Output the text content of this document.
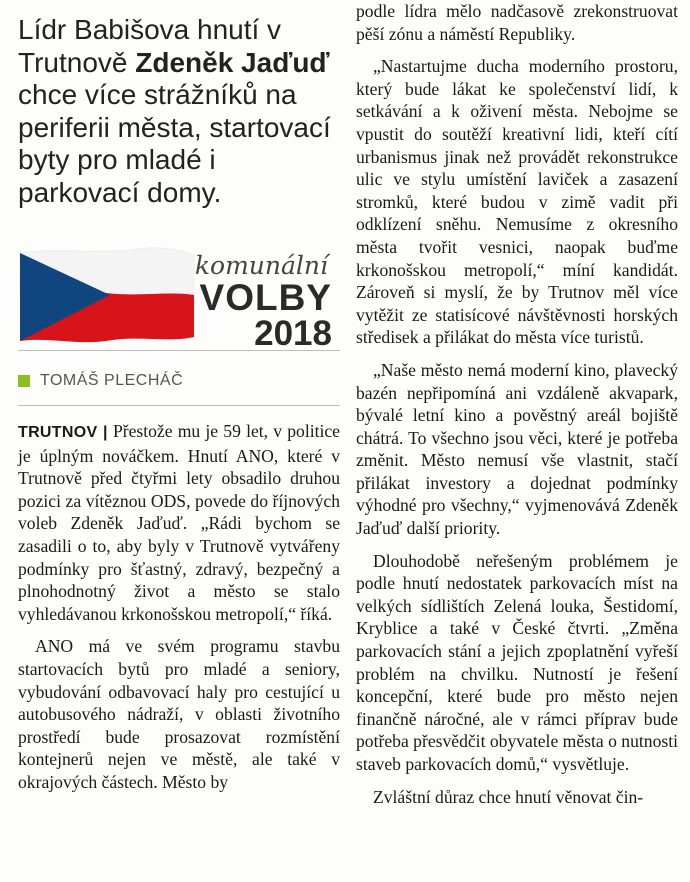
Lídr Babišova hnutí v Trutnově Zdeněk Jaďuď chce více strážníků na periferii města, startovací byty pro mladé i parkovací domy.
komunální
VOLBY
2018
TOMÁŠ PLECHÁČ

TRUTNOV | Přestože mu je 59 let, v politice je úplným nováčkem. Hnutí ANO, které v Trutnově před čtyřmi lety obsadilo druhou pozici za vítěznou ODS, povede do říjnových voleb Zdeněk Jaďuď. „Rádi bychom se zasadili o to, aby byly v Trutnově vytvářeny podmínky pro šťastný, zdravý, bezpečný a plnohodnotný život a město se stalo vyhledávanou krkonošskou metropolí,“ říká.

ANO má ve svém programu stavbu startovacích bytů pro mladé a seniory, vybudování odbavovací haly pro cestující u autobusového nádraží, v oblasti životního prostředí bude prosazovat rozmístění kontejnerů nejen ve městě, ale také v okrajových částech. Město by

podle lídra mělo nadčasově zrekonstruovat pěší zónu a náměstí Republiky.

„Nastartujme ducha moderního prostoru, který bude lákat ke společenství lidí, k setkávání a k oživení města. Nebojme se vpustit do soutěží kreativní lidi, kteří cítí urbanismus jinak než provádět rekonstrukce ulic ve stylu umístění laviček a zasazení stromků, které budou v zimě vadit při odklízení sněhu. Nemusíme z okresního města tvořit vesnici, naopak buďme krkonošskou metropolí,“ míní kandidát. Zároveň si myslí, že by Trutnov měl více vytěžit ze statisícové návštěvnosti horských středisek a přilákat do města více turistů.

„Naše město nemá moderní kino, plavecký bazén nepřipomíná ani vzdáleně akvapark, bývalé letní kino a pověstný areál bojiště chátrá. To všechno jsou věci, které je potřeba změnit. Město nemusí vše vlastnit, stačí přilákat investory a dojednat podmínky výhodné pro všechny,“ vyjmenovává Zdeněk Jaďuď další priority.

Dlouhodobě neřešeným problémem je podle hnutí nedostatek parkovacích míst na velkých sídlištích Zelená louka, Šestidomí, Kryblice a také v České čtvrti. „Změna parkovacích stání a jejich zpoplatnění vyřeší problém na chvilku. Nutností je řešení koncepční, které bude pro město nejen finančně náročné, ale v rámci příprav bude potřeba přesvědčit obyvatele města o nutnosti staveb parkovacích domů,“ vysvětluje.

Zvláštní důraz chce hnutí věnovat čin-
